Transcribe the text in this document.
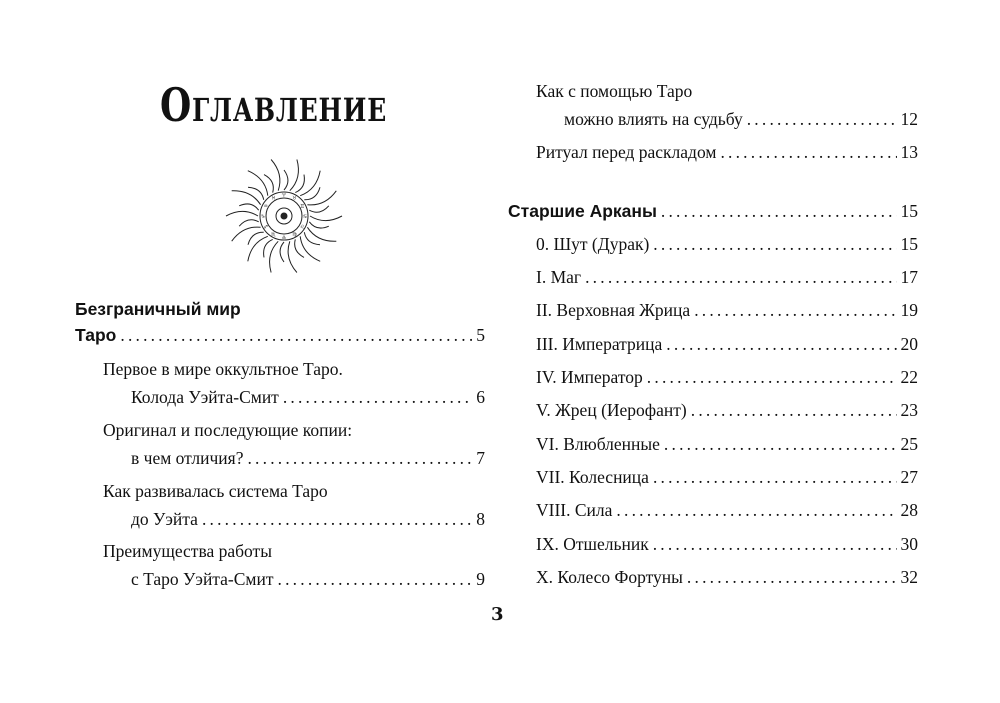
Оглавление
♈ ♉
♊
♋
♌
♍
♎
♏
♐
♑
♒
♓
Безграничный мир
Таро .....	5
Первое в мире оккультное Таро.
Колода Уэйта-Смит .....	6
Оригинал и последующие копии:
в чем отличия? .....	7
Как развивалась система Таро
до Уэйта .....	8
Преимущества работы
с Таро Уэйта-Смит .....	9
Как с помощью Таро
можно влиять на судьбу .....	12
Ритуал перед раскладом .....	13
Старшие Арканы .....	15
0. Шут (Дурак) .....	15
I. Маг .....	17
II. Верховная Жрица .....	19
III. Императрица .....	20
IV. Император .....	22
V. Жрец (Иерофант) .....	23
VI. Влюбленные .....	25
VII. Колесница .....	27
VIII. Сила .....	28
IX. Отшельник .....	30
X. Колесо Фортуны .....	32
3
